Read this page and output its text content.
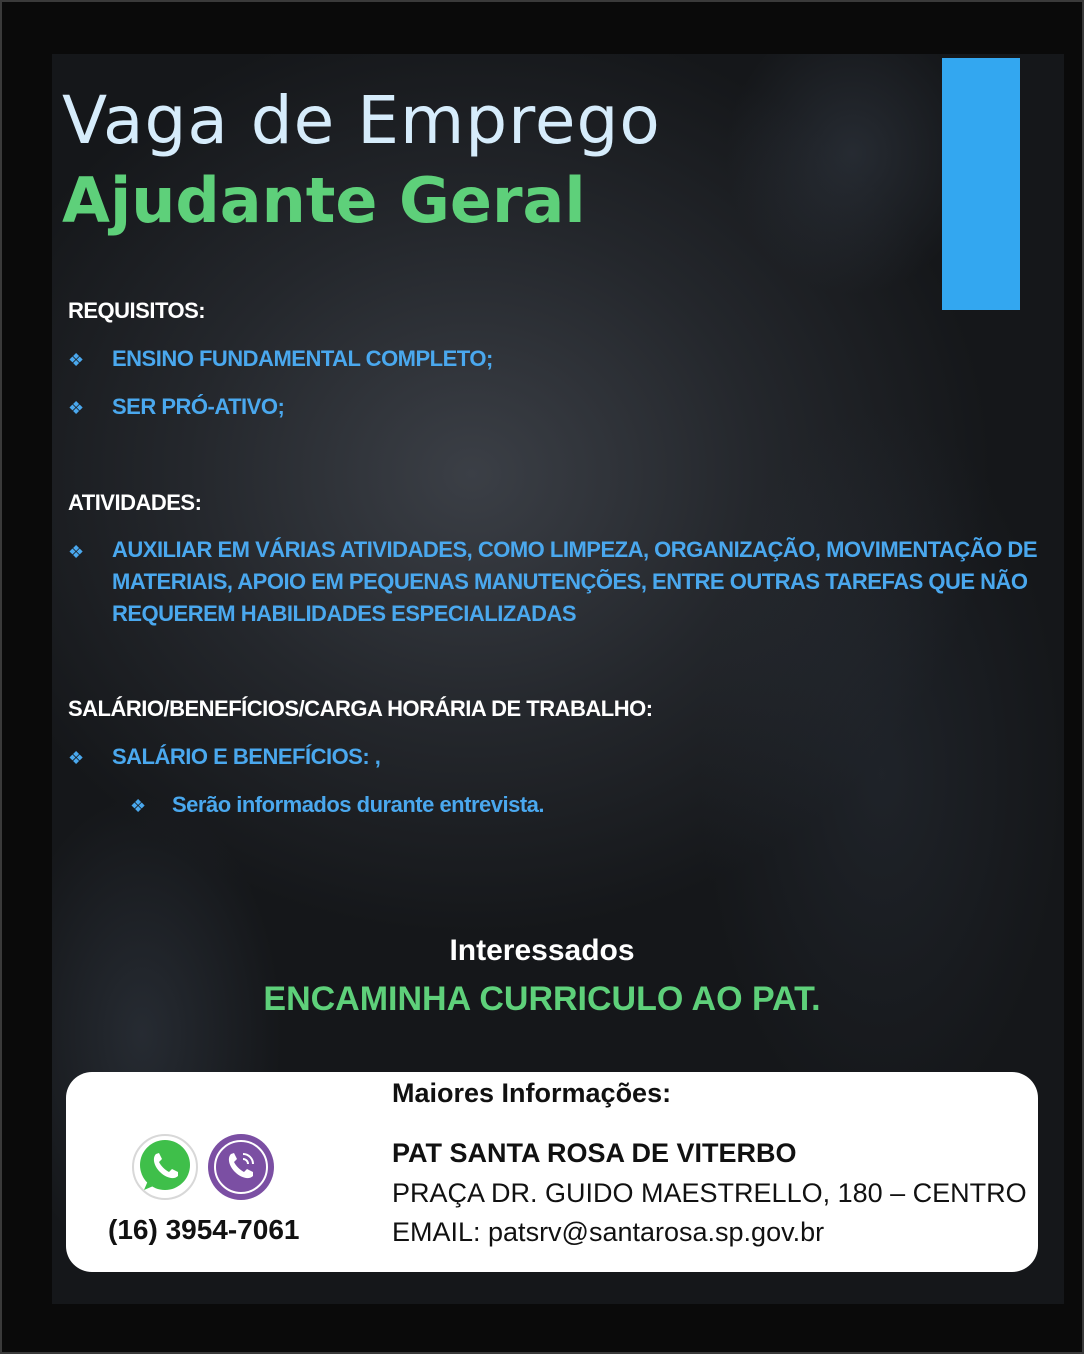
Vaga de Emprego
Ajudante Geral
REQUISITOS:
❖ ENSINO FUNDAMENTAL COMPLETO;
❖ SER PRÓ-ATIVO;
ATIVIDADES:
❖ AUXILIAR EM VÁRIAS ATIVIDADES, COMO LIMPEZA, ORGANIZAÇÃO, MOVIMENTAÇÃO DE MATERIAIS, APOIO EM PEQUENAS MANUTENÇÕES, ENTRE OUTRAS TAREFAS QUE NÃO REQUEREM HABILIDADES ESPECIALIZADAS
SALÁRIO/BENEFÍCIOS/CARGA HORÁRIA DE TRABALHO:
❖ SALÁRIO E BENEFÍCIOS: ,
❖ Serão informados durante entrevista.
Interessados
ENCAMINHA CURRICULO AO PAT.
(16) 3954-7061
Maiores Informações:
PAT SANTA ROSA DE VITERBO
PRAÇA DR. GUIDO MAESTRELLO, 180 – CENTRO
EMAIL: patsrv@santarosa.sp.gov.br
